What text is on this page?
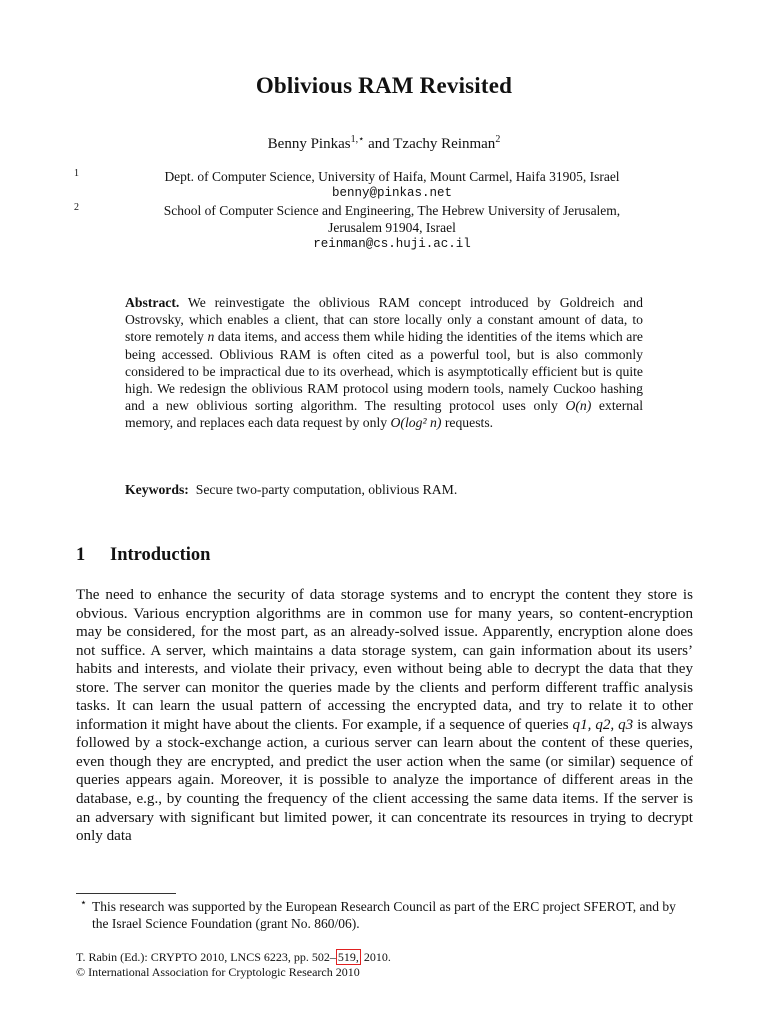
Oblivious RAM Revisited
Benny Pinkas$^{1,⋆}$ and Tzachy Reinman$^2$
1	Dept. of Computer Science, University of Haifa, Mount Carmel, Haifa 31905, Israel
benny@pinkas.net
2	School of Computer Science and Engineering, The Hebrew University of Jerusalem,
Jerusalem 91904, Israel
reinman@cs.huji.ac.il
Abstract. We reinvestigate the oblivious RAM concept introduced by Goldreich and Ostrovsky, which enables a client, that can store locally only a constant amount of data, to store remotely n data items, and access them while hiding the identities of the items which are being accessed. Oblivious RAM is often cited as a powerful tool, but is also commonly considered to be impractical due to its overhead, which is asymptotically efficient but is quite high. We redesign the oblivious RAM protocol using modern tools, namely Cuckoo hashing and a new oblivious sorting algorithm. The resulting protocol uses only O(n) external memory, and replaces each data request by only O(log² n) requests.
Keywords: Secure two-party computation, oblivious RAM.
1 Introduction
The need to enhance the security of data storage systems and to encrypt the content they store is obvious. Various encryption algorithms are in common use for many years, so content-encryption may be considered, for the most part, as an already-solved issue. Apparently, encryption alone does not suffice. A server, which maintains a data storage system, can gain information about its users’ habits and interests, and violate their privacy, even without being able to decrypt the data that they store. The server can monitor the queries made by the clients and perform different traffic analysis tasks. It can learn the usual pattern of accessing the encrypted data, and try to relate it to other information it might have about the clients. For example, if a sequence of queries q1, q2, q3 is always followed by a stock-exchange action, a curious server can learn about the content of these queries, even though they are encrypted, and predict the user action when the same (or similar) sequence of queries appears again. Moreover, it is possible to analyze the importance of different areas in the database, e.g., by counting the frequency of the client accessing the same data items. If the server is an adversary with significant but limited power, it can concentrate its resources in trying to decrypt only data
⋆ This research was supported by the European Research Council as part of the ERC project SFEROT, and by the Israel Science Foundation (grant No. 860/06).
T. Rabin (Ed.): CRYPTO 2010, LNCS 6223, pp. 502– 519, 2010.
© International Association for Cryptologic Research 2010
